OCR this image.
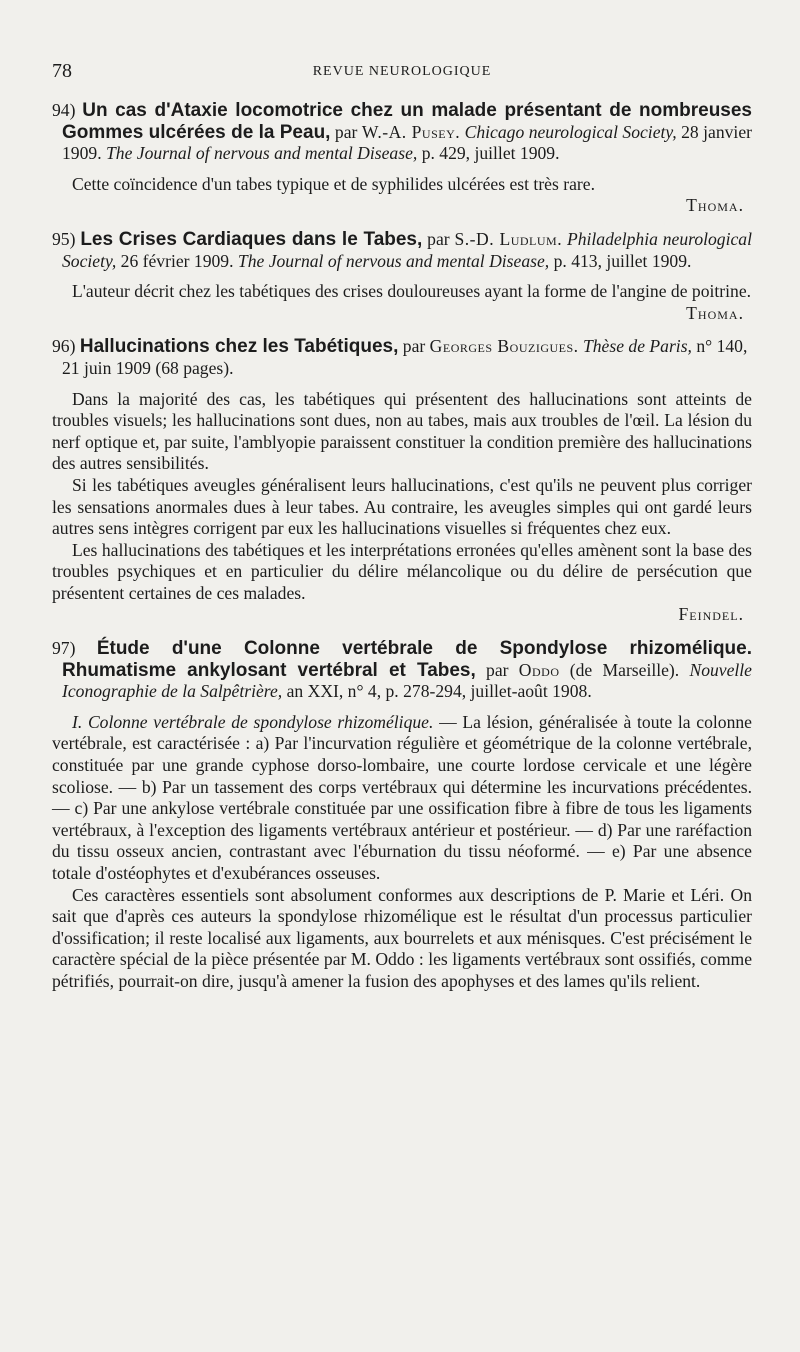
78	REVUE NEUROLOGIQUE

94) Un cas d'Ataxie locomotrice chez un malade présentant de nombreuses Gommes ulcérées de la Peau, par W.-A. Pusey. Chicago neurological Society, 28 janvier 1909. The Journal of nervous and mental Disease, p. 429, juillet 1909.

Cette coïncidence d'un tabes typique et de syphilides ulcérées est très rare.

Thoma.

95) Les Crises Cardiaques dans le Tabes, par S.-D. Ludlum. Philadelphia neurological Society, 26 février 1909. The Journal of nervous and mental Disease, p. 413, juillet 1909.

L'auteur décrit chez les tabétiques des crises douloureuses ayant la forme de l'angine de poitrine.

Thoma.

96) Hallucinations chez les Tabétiques, par Georges Bouzigues. Thèse de Paris, n° 140, 21 juin 1909 (68 pages).

Dans la majorité des cas, les tabétiques qui présentent des hallucinations sont atteints de troubles visuels; les hallucinations sont dues, non au tabes, mais aux troubles de l'œil. La lésion du nerf optique et, par suite, l'amblyopie paraissent constituer la condition première des hallucinations des autres sensibilités.

Si les tabétiques aveugles généralisent leurs hallucinations, c'est qu'ils ne peuvent plus corriger les sensations anormales dues à leur tabes. Au contraire, les aveugles simples qui ont gardé leurs autres sens intègres corrigent par eux les hallucinations visuelles si fréquentes chez eux.

Les hallucinations des tabétiques et les interprétations erronées qu'elles amènent sont la base des troubles psychiques et en particulier du délire mélancolique ou du délire de persécution que présentent certaines de ces malades.

Feindel.

97) Étude d'une Colonne vertébrale de Spondylose rhizomélique. Rhumatisme ankylosant vertébral et Tabes, par Oddo (de Marseille). Nouvelle Iconographie de la Salpêtrière, an XXI, n° 4, p. 278-294, juillet-août 1908.

I. Colonne vertébrale de spondylose rhizomélique. — La lésion, généralisée à toute la colonne vertébrale, est caractérisée : a) Par l'incurvation régulière et géométrique de la colonne vertébrale, constituée par une grande cyphose dorso-lombaire, une courte lordose cervicale et une légère scoliose. — b) Par un tassement des corps vertébraux qui détermine les incurvations précédentes. — c) Par une ankylose vertébrale constituée par une ossification fibre à fibre de tous les ligaments vertébraux, à l'exception des ligaments vertébraux antérieur et postérieur. — d) Par une raréfaction du tissu osseux ancien, contrastant avec l'éburnation du tissu néoformé. — e) Par une absence totale d'ostéophytes et d'exubérances osseuses.

Ces caractères essentiels sont absolument conformes aux descriptions de P. Marie et Léri. On sait que d'après ces auteurs la spondylose rhizomélique est le résultat d'un processus particulier d'ossification; il reste localisé aux ligaments, aux bourrelets et aux ménisques. C'est précisément le caractère spécial de la pièce présentée par M. Oddo : les ligaments vertébraux sont ossifiés, comme pétrifiés, pourrait-on dire, jusqu'à amener la fusion des apophyses et des lames qu'ils relient.
